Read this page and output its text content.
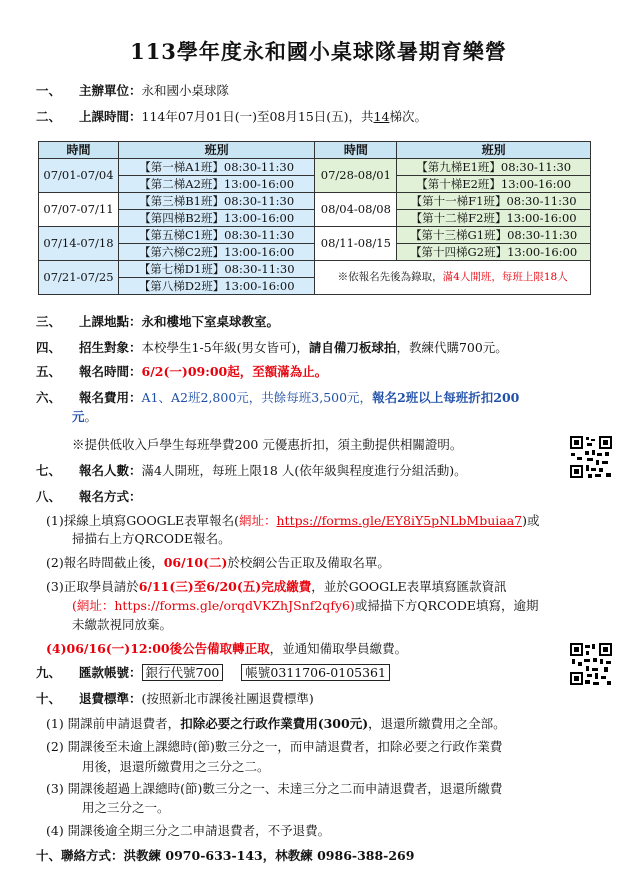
113學年度永和國小桌球隊暑期育樂營
一、 主辦單位：永和國小桌球隊
二、 上課時間：114年07月01日(一)至08月15日(五)，共14梯次。
時間	班別	時間	班別
07/01-07/04	【第一梯A1班】08:30-11:30	07/28-08/01	【第九梯E1班】08:30-11:30
	【第二梯A2班】13:00-16:00		【第十梯E2班】13:00-16:00
07/07-07/11	【第三梯B1班】08:30-11:30	08/04-08/08	【第十一梯F1班】08:30-11:30
	【第四梯B2班】13:00-16:00		【第十二梯F2班】13:00-16:00
07/14-07/18	【第五梯C1班】08:30-11:30	08/11-08/15	【第十三梯G1班】08:30-11:30
	【第六梯C2班】13:00-16:00		【第十四梯G2班】13:00-16:00
07/21-07/25	【第七梯D1班】08:30-11:30	※依報名先後為錄取，滿4人開班，每班上限18人	
	【第八梯D2班】13:00-16:00		
三、 上課地點：永和樓地下室桌球教室。
四、 招生對象：本校學生1-5年級(男女皆可)，請自備刀板球拍，教練代購700元。
五、 報名時間：6/2(一)09:00起，至額滿為止。
六、 報名費用：A1、A2班2,800元，共餘每班3,500元，報名2班以上每班折扣200
元。
※提供低收入戶學生每班學費200 元優惠折扣，須主動提供相關證明。
七、 報名人數：滿4人開班，每班上限18 人(依年級與程度進行分組活動)。
八、 報名方式：
(1)採線上填寫GOOGLE表單報名(網址：https://forms.gle/EY8iY5pNLbMbuiaa7)或
掃描右上方QRCODE報名。
(2)報名時間截止後，06/10(二)於校網公告正取及備取名單。
(3)正取學員請於6/11(三)至6/20(五)完成繳費，並於GOOGLE表單填寫匯款資訊
(網址：https://forms.gle/orqdVKZhJSnf2qfy6)或掃描下方QRCODE填寫，逾期
未繳款視同放棄。
(4)06/16(一)12:00後公告備取轉正取，並通知備取學員繳費。
九、 匯款帳號： 銀行代號700 帳號0311706-0105361
十、 退費標準：(按照新北市課後社團退費標準)
(1) 開課前申請退費者，扣除必要之行政作業費用(300元)，退還所繳費用之全部。
(2) 開課後至未逾上課總時(節)數三分之一，而申請退費者，扣除必要之行政作業費
用後，退還所繳費用之三分之二。
(3) 開課後超過上課總時(節)數三分之一、未達三分之二而申請退費者，退還所繳費
用之三分之一。
(4) 開課後逾全期三分之二申請退費者，不予退費。
十、聯絡方式：洪教練 0970-633-143，林教練 0986-388-269
